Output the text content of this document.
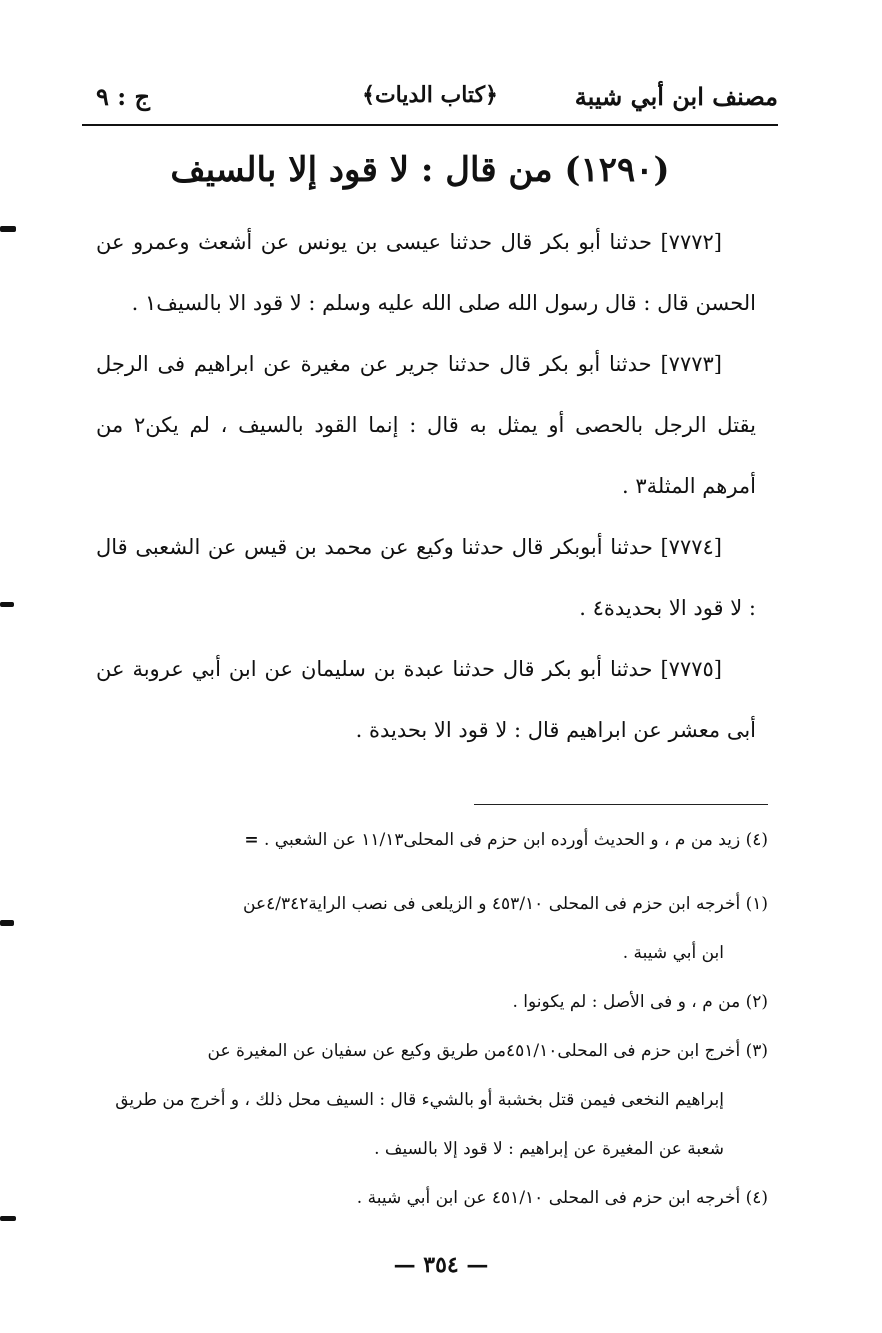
مصنف ابن أبي شيبة
﴿كتاب الديات﴾
ج : ٩
(١٢٩٠) من قال : لا قود إلا بالسيف

[٧٧٧٢] حدثنا أبو بكر قال حدثنا عيسى بن يونس عن أشعث وعمرو عن الحسن قال : قال رسول الله صلى الله عليه وسلم : لا قود الا بالسيف١ .

[٧٧٧٣] حدثنا أبو بكر قال حدثنا جرير عن مغيرة عن ابراهيم فى الرجل يقتل الرجل بالحصى أو يمثل به قال : إنما القود بالسيف ، لم يكن٢ من أمرهم المثلة٣ .

[٧٧٧٤] حدثنا أبوبكر قال حدثنا وكيع عن محمد بن قيس عن الشعبى قال : لا قود الا بحديدة٤ .

[٧٧٧٥] حدثنا أبو بكر قال حدثنا عبدة بن سليمان عن ابن أبي عروبة عن أبى معشر عن ابراهيم قال : لا قود الا بحديدة .

(٤) زيد من م ، و الحديث أورده ابن حزم فى المحلى١١/١٣ عن الشعبي . =
(١) أخرجه ابن حزم فى المحلى ٤٥٣/١٠ و الزيلعى فى نصب الراية٤/٣٤٢عن
ابن أبي شيبة .
(٢) من م ، و فى الأصل : لم يكونوا .
(٣) أخرج ابن حزم فى المحلى٤٥١/١٠من طريق وكيع عن سفيان عن المغيرة عن
إبراهيم النخعى فيمن قتل بخشبة أو بالشيء قال : السيف محل ذلك ، و أخرج من طريق شعبة عن المغيرة عن إبراهيم : لا قود إلا بالسيف .
(٤) أخرجه ابن حزم فى المحلى ٤٥١/١٠ عن ابن أبي شيبة .
— ٣٥٤ —
